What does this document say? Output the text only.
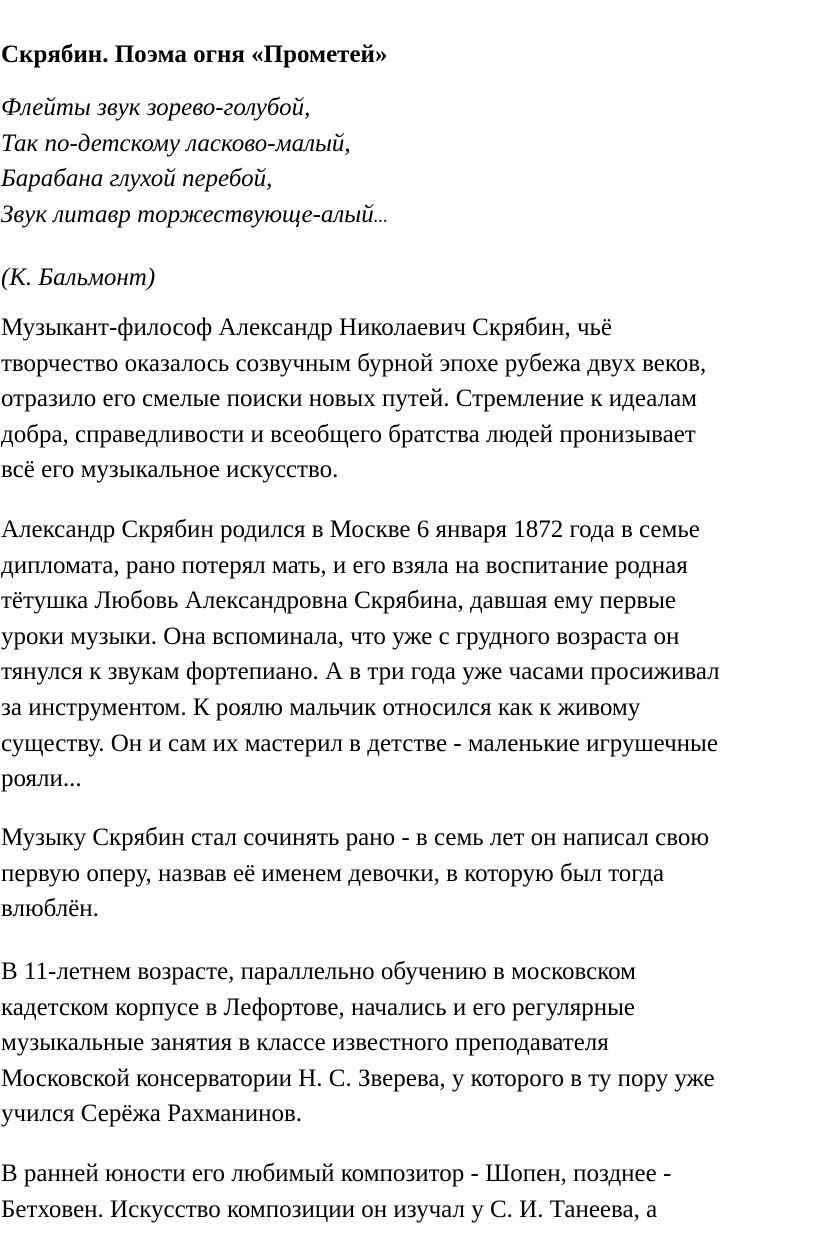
Скрябин. Поэма огня «Прометей»

Флейты звук зорево-голубой,
Так по-детскому ласково-малый,
Барабана глухой перебой,
Звук литавр торжествующе-алый...

(К. Бальмонт)

Музыкант-философ Александр Николаевич Скрябин, чьё
творчество оказалось созвучным бурной эпохе рубежа двух веков,
отразило его смелые поиски новых путей. Стремление к идеалам
добра, справедливости и всеобщего братства людей пронизывает
всё его музыкальное искусство.

Александр Скрябин родился в Москве 6 января 1872 года в семье
дипломата, рано потерял мать, и его взяла на воспитание родная
тётушка Любовь Александровна Скрябина, давшая ему первые
уроки музыки. Она вспоминала, что уже с грудного возраста он
тянулся к звукам фортепиано. А в три года уже часами просиживал
за инструментом. К роялю мальчик относился как к живому
существу. Он и сам их мастерил в детстве - маленькие игрушечные
рояли...

Музыку Скрябин стал сочинять рано - в семь лет он написал свою
первую оперу, назвав её именем девочки, в которую был тогда
влюблён.

В 11-летнем возрасте, параллельно обучению в московском
кадетском корпусе в Лефортове, начались и его регулярные
музыкальные занятия в классе известного преподавателя
Московской консерватории Н. С. Зверева, у которого в ту пору уже
учился Серёжа Рахманинов.

В ранней юности его любимый композитор - Шопен, позднее -
Бетховен. Искусство композиции он изучал у С. И. Танеева, а
